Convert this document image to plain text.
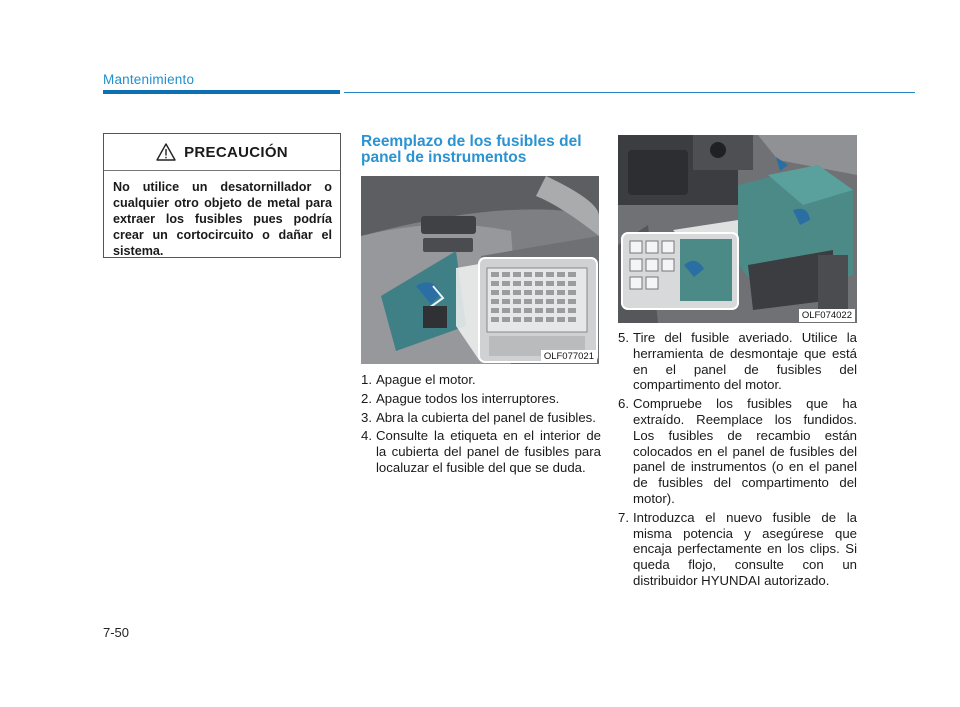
Mantenimiento
PRECAUCIÓN
No utilice un desatornillador o cualquier otro objeto de metal para extraer los fusibles pues podría crear un cortocircuito o dañar el sistema.
Reemplazo de los fusibles del panel de instrumentos
OLF077021
OLF074022
1. Apague el motor.
2. Apague todos los interruptores.
3. Abra la cubierta del panel de fusibles.
4. Consulte la etiqueta en el interior de la cubierta del panel de fusibles para localuzar el fusible del que se duda.
5. Tire del fusible averiado. Utilice la herramienta de desmontaje que está en el panel de fusibles del compartimento del motor.
6. Compruebe los fusibles que ha extraído. Reemplace los fundidos. Los fusibles de recambio están colocados en el panel de fusibles del panel de instrumentos (o en el panel de fusibles del compartimento del motor).
7. Introduzca el nuevo fusible de la misma potencia y asegúrese que encaja perfectamente en los clips. Si queda flojo, consulte con un distribuidor HYUNDAI autorizado.
7-50
